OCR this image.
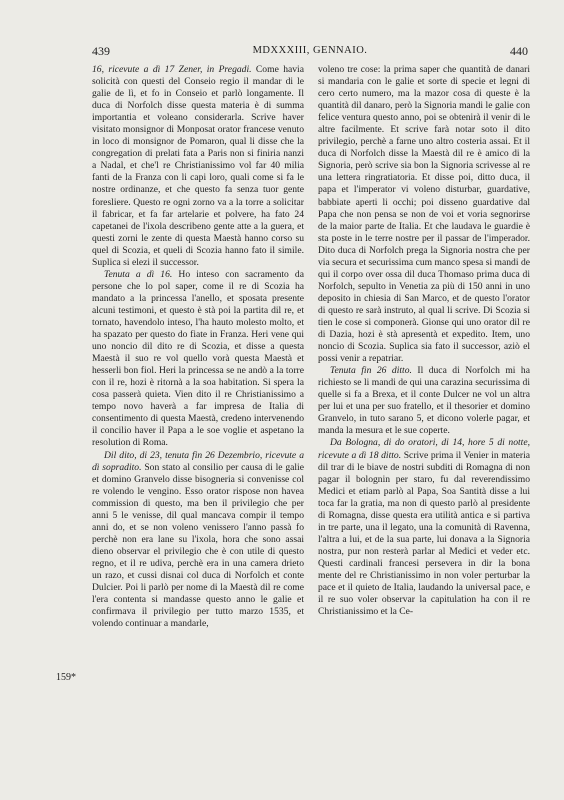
439	MDXXXIII, GENNAIO.	440

16, ricevute a dì 17 Zener, in Pregadi. Come havia solicità con questi del Conseio regio il mandar di le galie de lì, et fo in Conseio et parlò longamente. Il duca di Norfolch disse questa materia è di summa importantia et voleano considerarla. Scrive haver visitato monsignor di Monposat orator francese venuto in loco di monsignor de Pomaron, qual li disse che la congregation di prelati fata a Paris non si finiria nanzi a Nadal, et che'l re Christianissimo vol far 40 milia fanti de la Franza con li capi loro, quali come si fa le nostre ordinanze, et che questo fa senza tuor gente foresliere. Questo re ogni zorno va a la torre a solicitar il fabricar, et fa far artelarie et polvere, ha fato 24 capetanei de l'ixola describeno gente atte a la guera, et questi zorni le zente di questa Maestà hanno corso su quel di Scozia, et queli di Scozia hanno fato il simile. Suplica si elezi il successor.

Tenuta a dì 16. Ho inteso con sacramento da persone che lo pol saper, come il re di Scozia ha mandato a la princessa l'anello, et sposata presente alcuni testimoni, et questo è stà poi la partita dil re, et tornato, havendolo inteso, l'ha hauto molesto molto, et ha spazato per questo do fiate in Franza. Heri vene qui uno noncio dil dito re di Scozia, et disse a questa Maestà il suo re vol quello vorà questa Maestà et hesserli bon fiol. Heri la princessa se ne andò a la torre con il re, hozi è ritornà a la soa habitation. Si spera la cosa passerà quieta. Vien dito il re Christianissimo a tempo novo haverà a far impresa de Italia di consentimento di questa Maestà, credeno intervenendo il concilio haver il Papa a le soe voglie et aspetano la resolution di Roma.

Dil dito, di 23, tenuta fin 26 Dezembrio, ricevute a dì sopradito. Son stato al consilio per causa di le galie et domino Granvelo disse bisogneria si convenisse col re volendo le vengino. Esso orator rispose non havea commission di questo, ma ben il privilegio che per anni 5 le venisse, dil qual mancava compir il tempo anni do, et se non voleno venissero l'anno passà fo perchè non era lane su l'ixola, hora che sono assai dieno observar el privilegio che è con utile di questo regno, et il re udiva, perchè era in una camera drieto un razo, et cussi disnai col duca di Norfolch et conte Dulcier. Poi li parlò per nome di la Maestà dil re come l'era contenta si mandasse questo anno le galie et confirmava il privilegio per tutto marzo 1535, et volendo continuar a mandarle,

voleno tre cose: la prima saper che quantità de danari si mandaria con le galie et sorte di specie et legni di cero certo numero, ma la mazor cosa di queste è la quantità dil danaro, però la Signoria mandi le galie con felice ventura questo anno, poi se obtenirà il venir di le altre facilmente. Et scrive farà notar soto il dito privilegio, perchè a farne uno altro costeria assai. Et il duca di Norfolch disse la Maestà dil re è amico di la Signoria, però scrive sia bon la Signoria scrivesse al re una lettera ringratiatoria. Et disse poi, ditto duca, il papa et l'imperator vi voleno disturbar, guardative, babbiate aperti li occhi; poi disseno guardative dal Papa che non pensa se non de voi et voria segnorirse de la maior parte de Italia. Et che laudava le guardie è sta poste in le terre nostre per il passar de l'imperador. Dito duca di Norfolch prega la Signoria nostra che per via secura et securissima cum manco spesa si mandi de qui il corpo over ossa dil duca Thomaso prima duca di Norfolch, sepulto in Venetia za più di 150 anni in uno deposito in chiesia di San Marco, et de questo l'orator di questo re sarà instruto, al qual li scrive. Di Scozia si tien le cose si componerà. Gionse qui uno orator dil re di Dazia, hozi è stà apresentà et expedito. Item, uno noncio di Scozia. Suplica sia fato il successor, aziò el possi venir a repatriar.

Tenuta fin 26 ditto. Il duca di Norfolch mi ha richiesto se li mandi de qui una carazina securissima di quelle si fa a Brexa, et il conte Dulcer ne vol un altra per lui et una per suo fratello, et il thesorier et domino Granvelo, in tuto sarano 5, et dicono volerle pagar, et manda la mesura et le sue coperte.

Da Bologna, di do oratori, di 14, hore 5 di notte, ricevute a dì 18 ditto. Scrive prima il Venier in materia dil trar di le biave de nostri subditi di Romagna di non pagar il bolognin per staro, fu dal reverendissimo Medici et etiam parlò al Papa, Soa Santità disse a lui toca far la gratia, ma non di questo parlò al presidente di Romagna, disse questa era utilità antica e si partiva in tre parte, una il legato, una la comunità di Ravenna, l'altra a lui, et de la sua parte, lui donava a la Signoria nostra, pur non resterà parlar al Medici et veder etc. Questi cardinali francesi persevera in dir la bona mente del re Christianissimo in non voler perturbar la pace et il quieto de Italia, laudando la universal pace, e il re suo voler observar la capitulation ha con il re Christianissimo et la Ce-

159*
